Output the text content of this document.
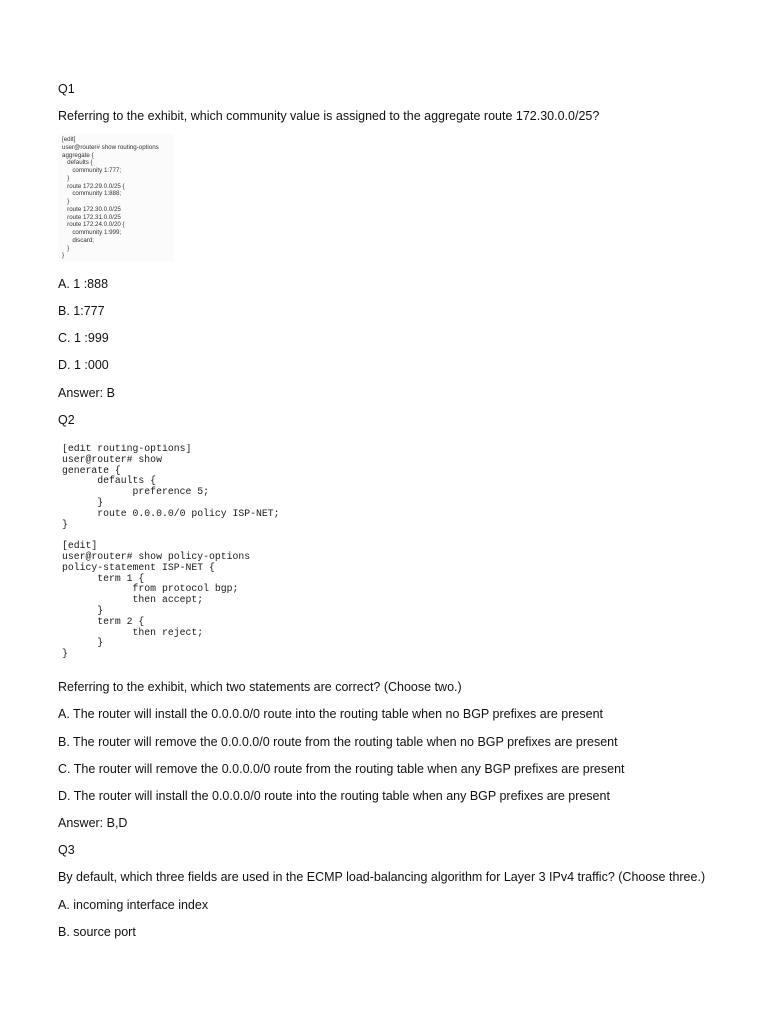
Q1
Referring to the exhibit, which community value is assigned to the aggregate route 172.30.0.0/25?
[edit]
user@router# show routing-options
aggregate {
defaults {
community 1:777;
}
route 172.29.0.0/25 {
community 1:888;
}
route 172.30.0.0/25
route 172.31.0.0/25
route 172.24.0.0/20 {
community 1:999;
discard;
}
}
A. 1 :888
B. 1:777
C. 1 :999
D. 1 :000
Answer: B
Q2
[edit routing-options]
user@router# show
generate {
defaults {
preference 5;
}
route 0.0.0.0/0 policy ISP-NET;
}

[edit]
user@router# show policy-options
policy-statement ISP-NET {
term 1 {
from protocol bgp;
then accept;
}
term 2 {
then reject;
}
}
Referring to the exhibit, which two statements are correct? (Choose two.)
A. The router will install the 0.0.0.0/0 route into the routing table when no BGP prefixes are present
B. The router will remove the 0.0.0.0/0 route from the routing table when no BGP prefixes are present
C. The router will remove the 0.0.0.0/0 route from the routing table when any BGP prefixes are present
D. The router will install the 0.0.0.0/0 route into the routing table when any BGP prefixes are present
Answer: B,D
Q3
By default, which three fields are used in the ECMP load-balancing algorithm for Layer 3 IPv4 traffic? (Choose three.)
A. incoming interface index
B. source port
